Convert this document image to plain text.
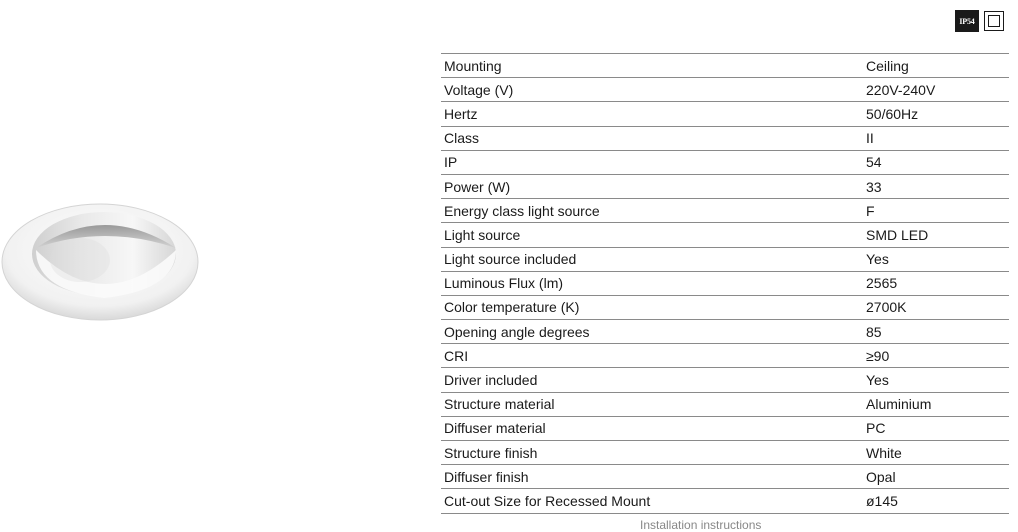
IP54
Mounting	Ceiling
Voltage (V)	220V-240V
Hertz	50/60Hz
Class	II
IP	54
Power (W)	33
Energy class light source	F
Light source	SMD LED
Light source included	Yes
Luminous Flux (lm)	2565
Color temperature (K)	2700K
Opening angle degrees	85
CRI	≥90
Driver included	Yes
Structure material	Aluminium
Diffuser material	PC
Structure finish	White
Diffuser finish	Opal
Cut-out Size for Recessed Mount	ø145
Installation instructions
